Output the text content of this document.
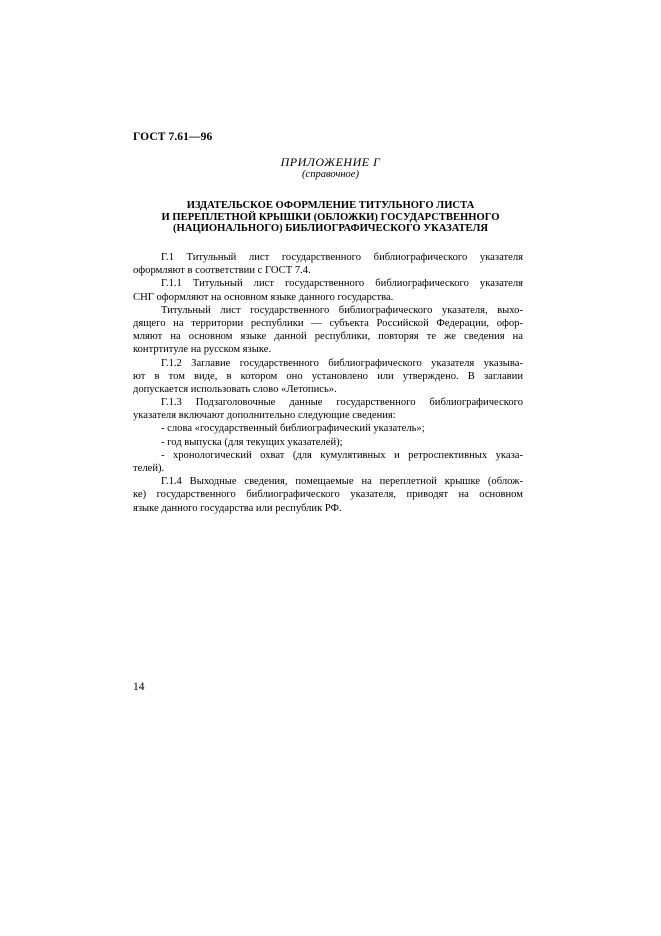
ГОСТ 7.61—96
ПРИЛОЖЕНИЕ Г
(справочное)
ИЗДАТЕЛЬСКОЕ ОФОРМЛЕНИЕ ТИТУЛЬНОГО ЛИСТА
И ПЕРЕПЛЕТНОЙ КРЫШКИ (ОБЛОЖКИ) ГОСУДАРСТВЕННОГО
(НАЦИОНАЛЬНОГО) БИБЛИОГРАФИЧЕСКОГО УКАЗАТЕЛЯ
Г.1 Титульный лист государственного библиографического указателя
оформляют в соответствии с ГОСТ 7.4.
Г.1.1 Титульный лист государственного библиографического указателя
СНГ оформляют на основном языке данного государства.
Титульный лист государственного библиографического указателя, выхо-
дящего на территории республики — субъекта Российской Федерации, офор-
мляют на основном языке данной республики, повторяя те же сведения на
контртитуле на русском языке.
Г.1.2 Заглавие государственного библиографического указателя указыва-
ют в том виде, в котором оно установлено или утверждено. В заглавии
допускается использовать слово «Летопись».
Г.1.3 Подзаголовочные данные государственного библиографического
указателя включают дополнительно следующие сведения:
- слова «государственный библиографический указатель»;
- год выпуска (для текущих указателей);
- хронологический охват (для кумулятивных и ретроспективных указа-
телей).
Г.1.4 Выходные сведения, помещаемые на переплетной крышке (облож-
ке) государственного библиографического указателя, приводят на основном
языке данного государства или республик РФ.
14
